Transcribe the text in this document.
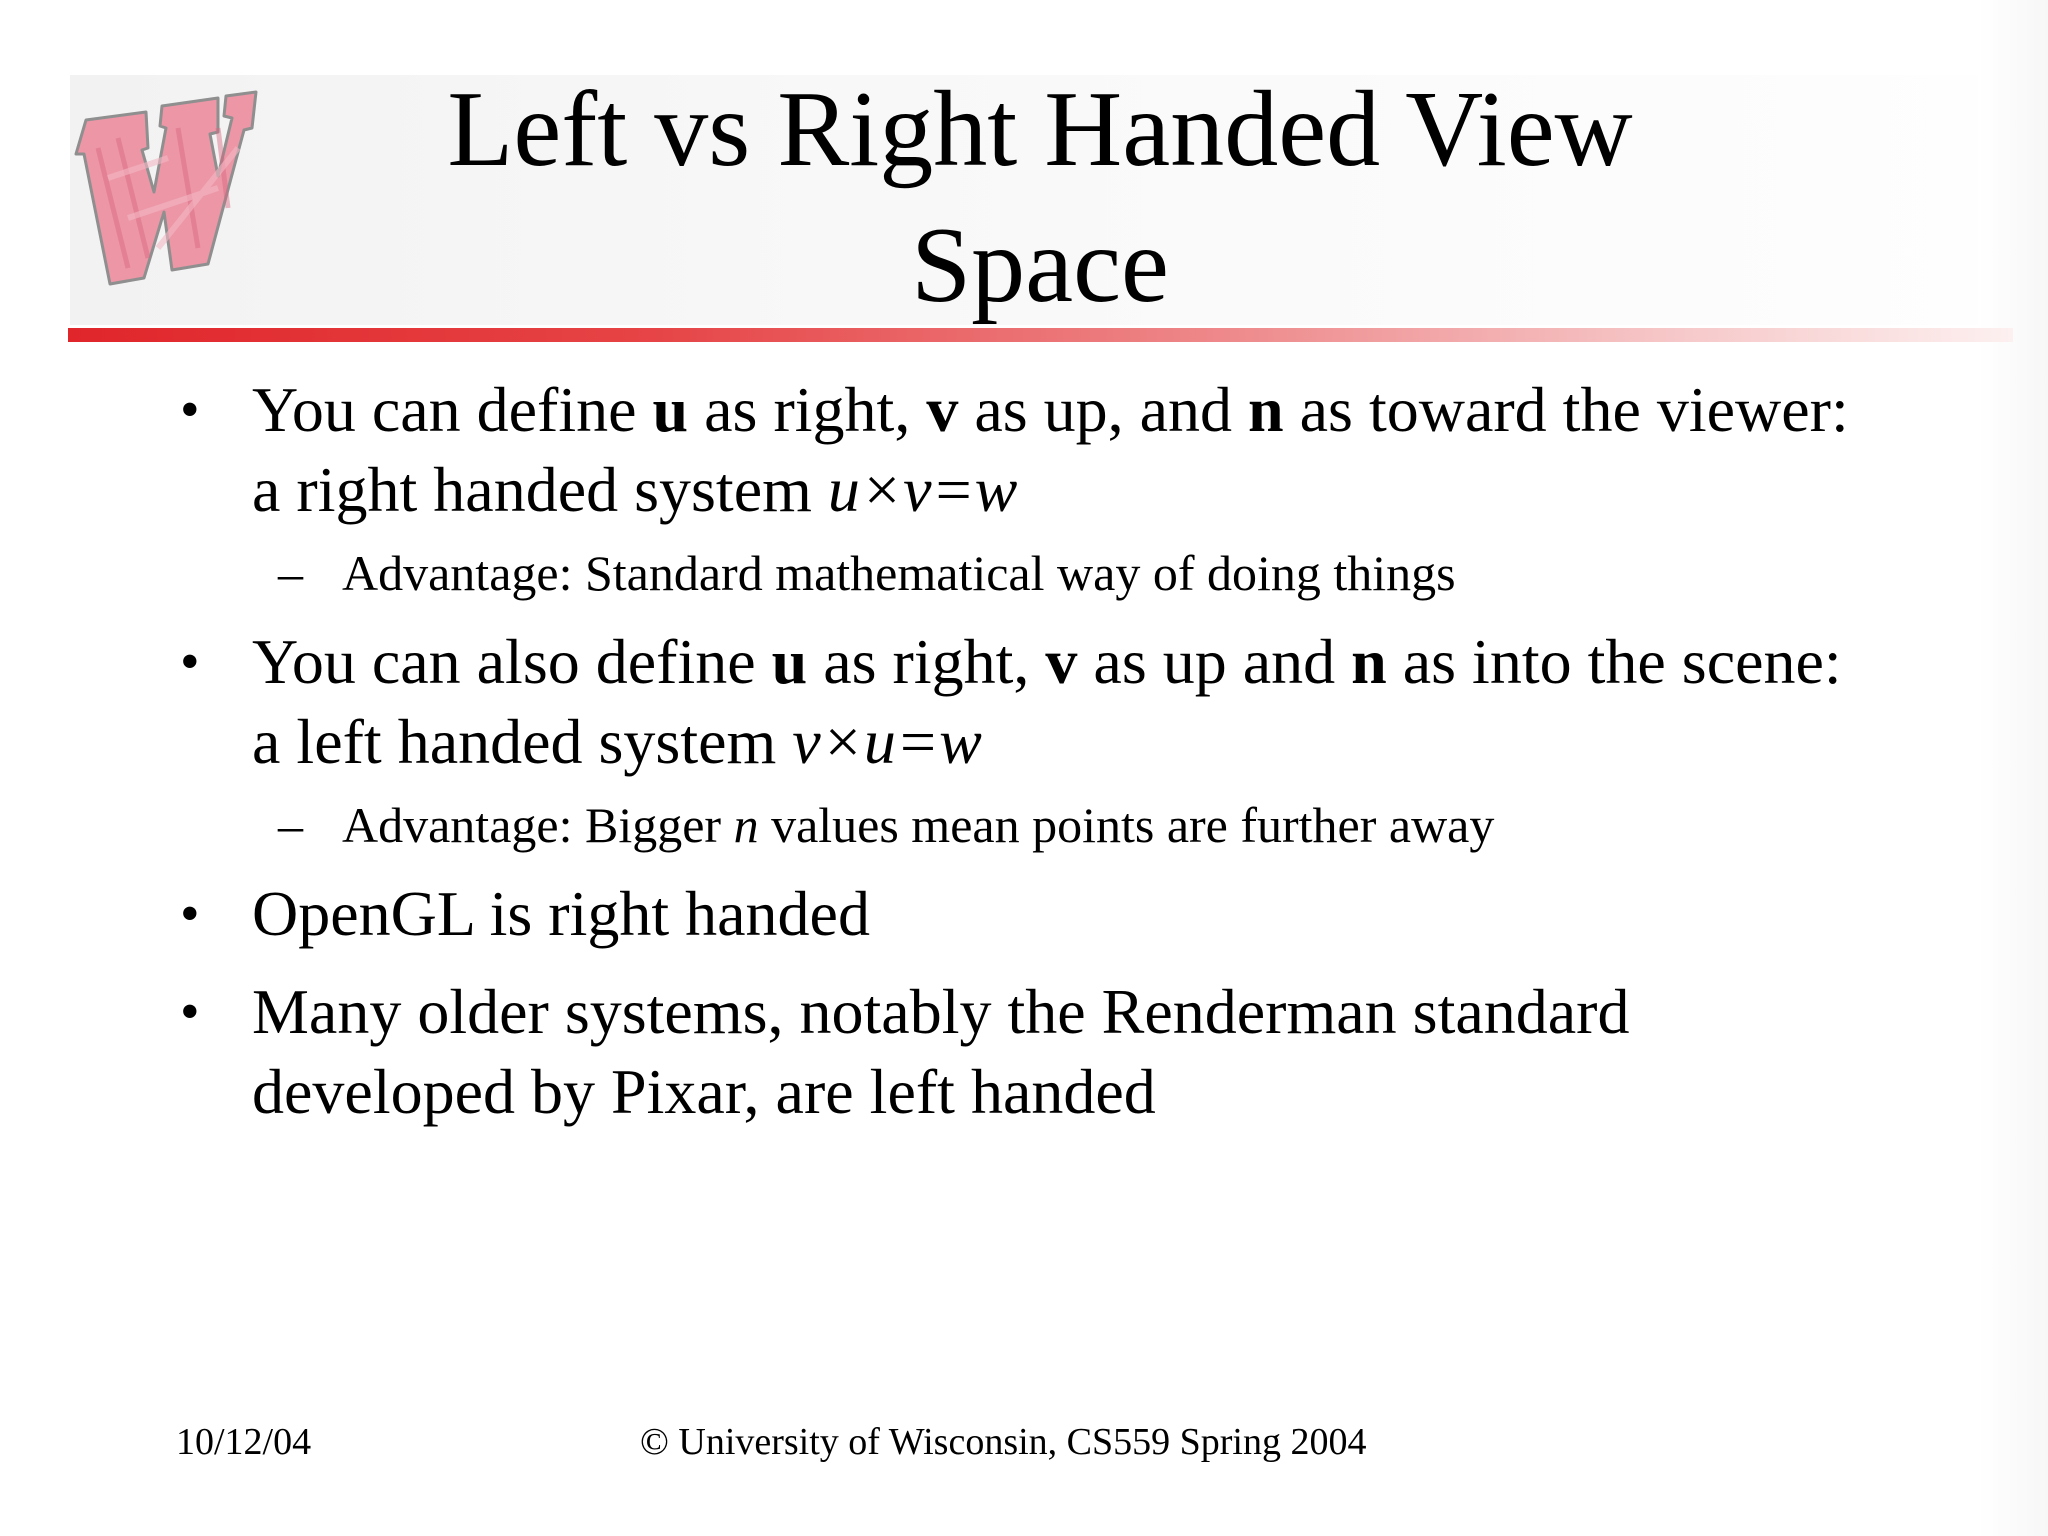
Left vs Right Handed View
Space
• You can define u as right, v as up, and n as toward the viewer: a right handed system u×v=w
– Advantage: Standard mathematical way of doing things
• You can also define u as right, v as up and n as into the scene: a left handed system v×u=w
– Advantage: Bigger n values mean points are further away
• OpenGL is right handed
• Many older systems, notably the Renderman standard developed by Pixar, are left handed
10/12/04	© University of Wisconsin, CS559 Spring 2004
